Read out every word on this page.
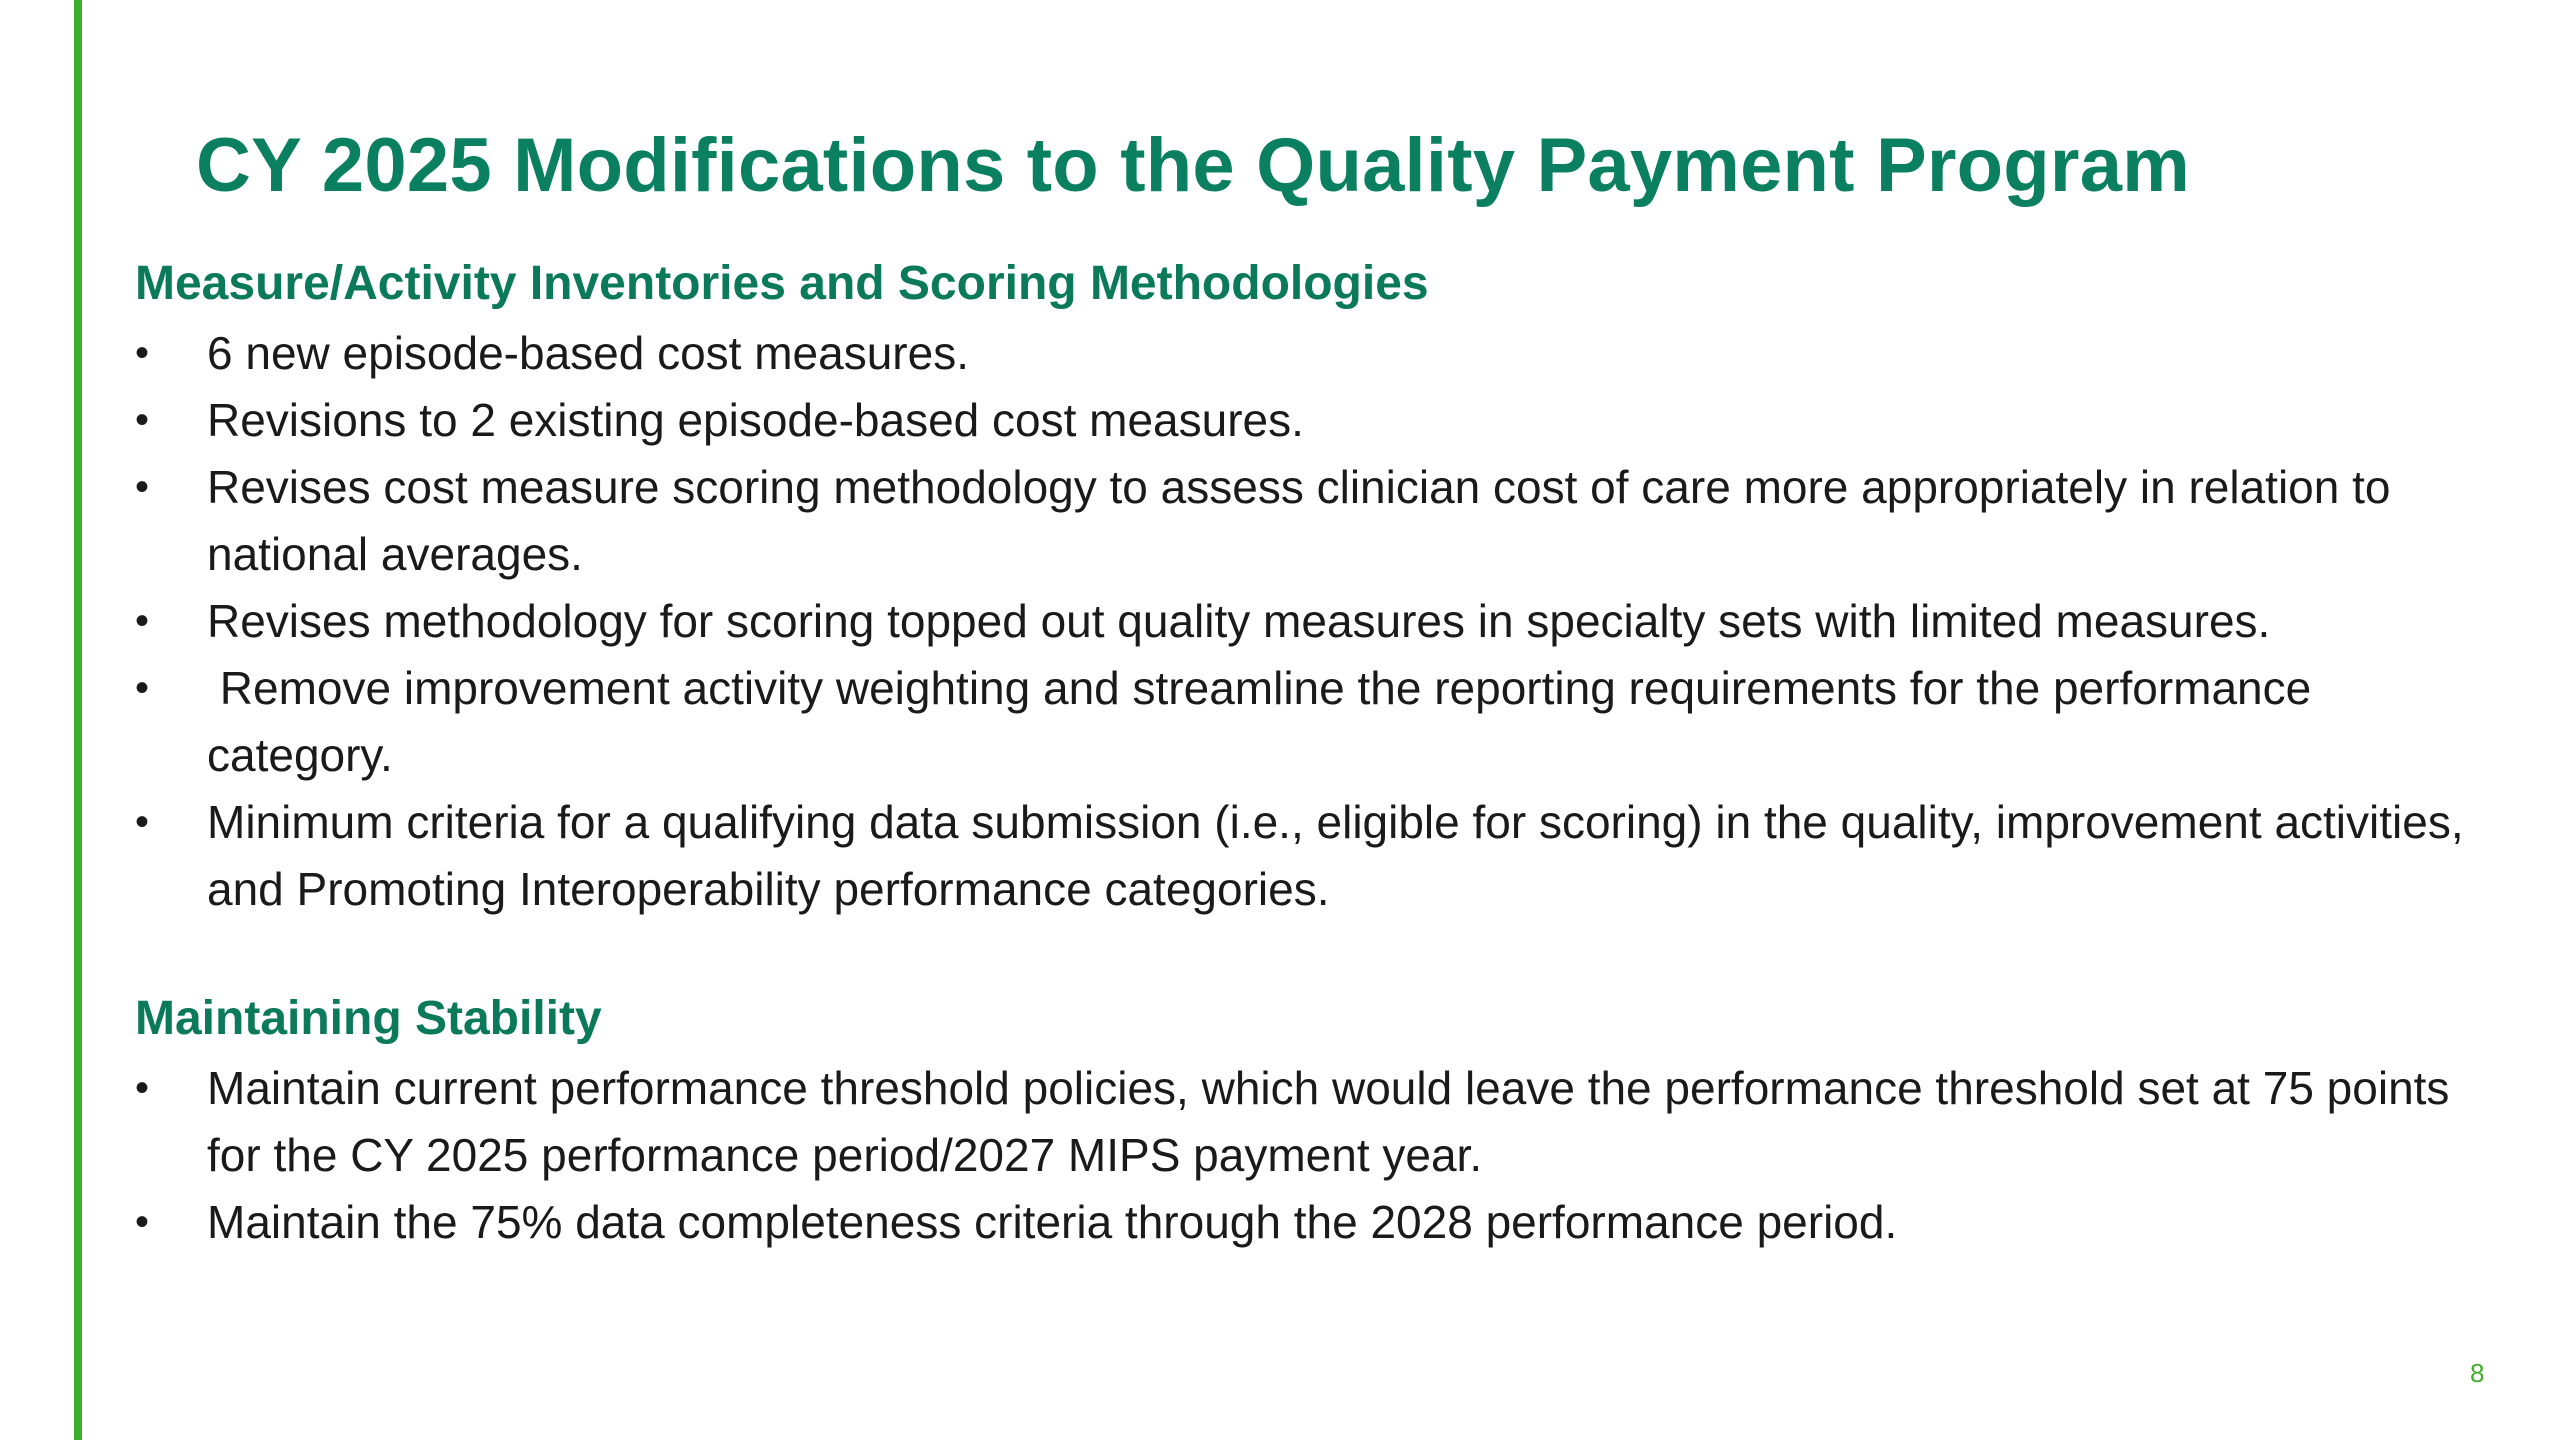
CY 2025 Modifications to the Quality Payment Program
Measure/Activity Inventories and Scoring Methodologies
• 6 new episode-based cost measures.
• Revisions to 2 existing episode-based cost measures.
• Revises cost measure scoring methodology to assess clinician cost of care more appropriately in relation to national averages.
• Revises methodology for scoring topped out quality measures in specialty sets with limited measures.
•  Remove improvement activity weighting and streamline the reporting requirements for the performance category.
• Minimum criteria for a qualifying data submission (i.e., eligible for scoring) in the quality, improvement activities, and Promoting Interoperability performance categories.
Maintaining Stability
• Maintain current performance threshold policies, which would leave the performance threshold set at 75 points for the CY 2025 performance period/2027 MIPS payment year.
• Maintain the 75% data completeness criteria through the 2028 performance period.
8
